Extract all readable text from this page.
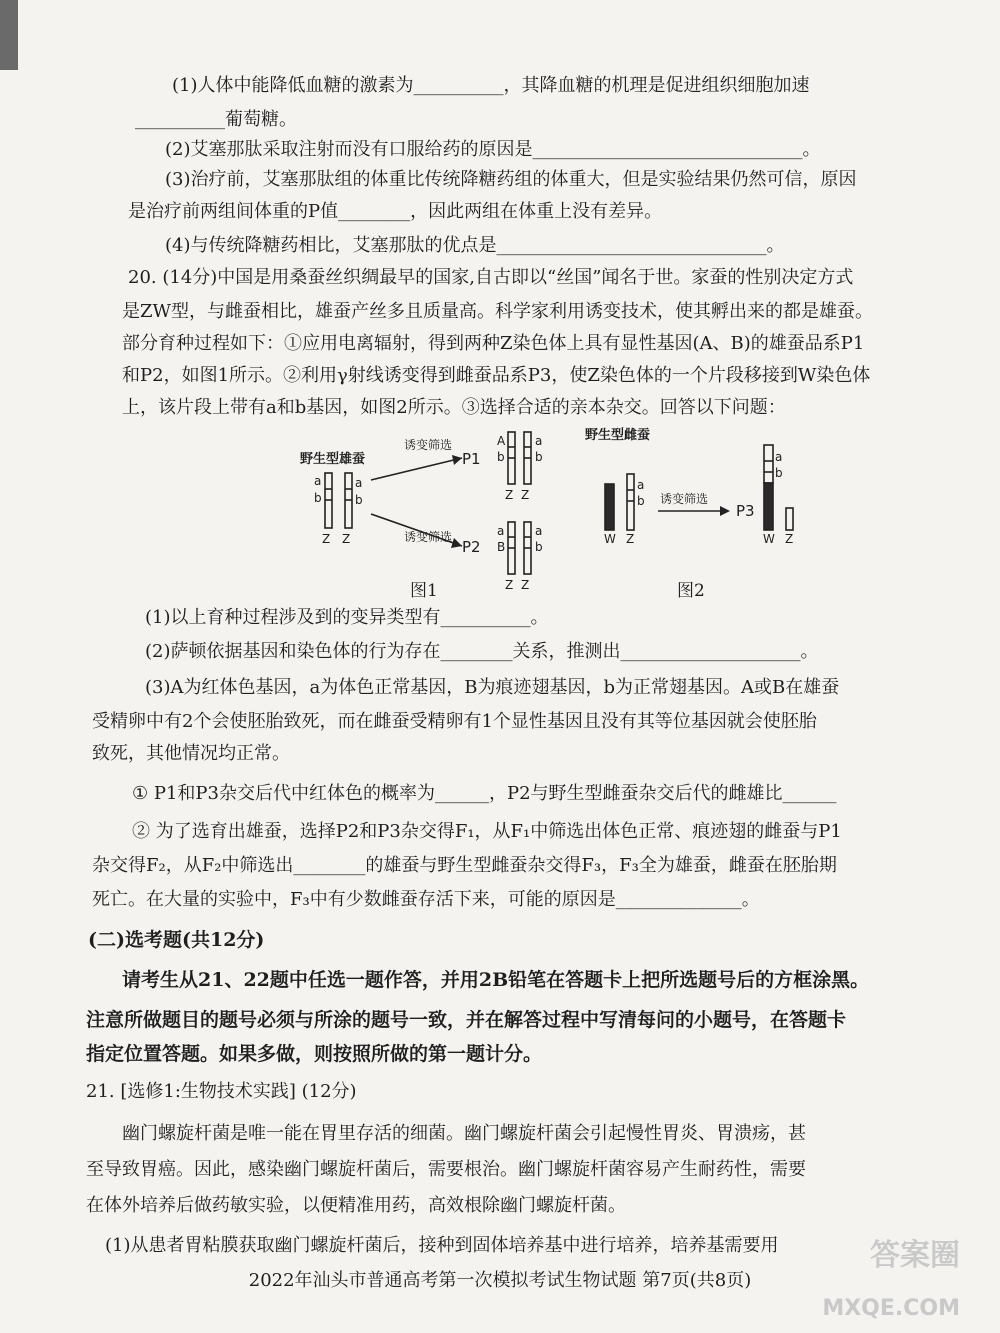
(1)人体中能降低血糖的激素为__________，其降血糖的机理是促进组织细胞加速
__________葡萄糖。
(2)艾塞那肽采取注射而没有口服给药的原因是______________________________。
(3)治疗前，艾塞那肽组的体重比传统降糖药组的体重大，但是实验结果仍然可信，原因
是治疗前两组间体重的P值________，因此两组在体重上没有差异。
(4)与传统降糖药相比，艾塞那肽的优点是______________________________。
20. (14分)中国是用桑蚕丝织绸最早的国家,自古即以“丝国”闻名于世。家蚕的性别决定方式
是ZW型，与雌蚕相比，雄蚕产丝多且质量高。科学家利用诱变技术，使其孵出来的都是雄蚕。
部分育种过程如下：①应用电离辐射，得到两种Z染色体上具有显性基因(A、B)的雄蚕品系P1
和P2，如图1所示。②利用γ射线诱变得到雌蚕品系P3，使Z染色体的一个片段移接到W染色体
上，该片段上带有a和b基因，如图2所示。③选择合适的亲本杂交。回答以下问题：
野生型雄蚕
a
b
a
b
Z Z
诱变筛选
诱变筛选
P1
P2
A
b
a
b
Z Z
a
B
a
b
Z Z
图1
野生型雌蚕
a
b
W Z
诱变筛选
P3
a
b
W Z
图2
(1)以上育种过程涉及到的变异类型有__________。
(2)萨顿依据基因和染色体的行为存在________关系，推测出____________________。
(3)A为红体色基因，a为体色正常基因，B为痕迹翅基因，b为正常翅基因。A或B在雄蚕
受精卵中有2个会使胚胎致死，而在雌蚕受精卵有1个显性基因且没有其等位基因就会使胚胎
致死，其他情况均正常。
① P1和P3杂交后代中红体色的概率为______，P2与野生型雌蚕杂交后代的雌雄比______
② 为了选育出雄蚕，选择P2和P3杂交得F₁，从F₁中筛选出体色正常、痕迹翅的雌蚕与P1
杂交得F₂，从F₂中筛选出________的雄蚕与野生型雌蚕杂交得F₃，F₃全为雄蚕，雌蚕在胚胎期
死亡。在大量的实验中，F₃中有少数雌蚕存活下来，可能的原因是______________。
(二)选考题(共12分)
请考生从21、22题中任选一题作答，并用2B铅笔在答题卡上把所选题号后的方框涂黑。
注意所做题目的题号必须与所涂的题号一致，并在解答过程中写清每问的小题号，在答题卡
指定位置答题。如果多做，则按照所做的第一题计分。
21. [选修1:生物技术实践] (12分)
幽门螺旋杆菌是唯一能在胃里存活的细菌。幽门螺旋杆菌会引起慢性胃炎、胃溃疡，甚
至导致胃癌。因此，感染幽门螺旋杆菌后，需要根治。幽门螺旋杆菌容易产生耐药性，需要
在体外培养后做药敏实验，以便精准用药，高效根除幽门螺旋杆菌。
(1)从患者胃粘膜获取幽门螺旋杆菌后，接种到固体培养基中进行培养，培养基需要用
2022年汕头市普通高考第一次模拟考试生物试题 第7页(共8页)
答案圈
MXQE.COM
